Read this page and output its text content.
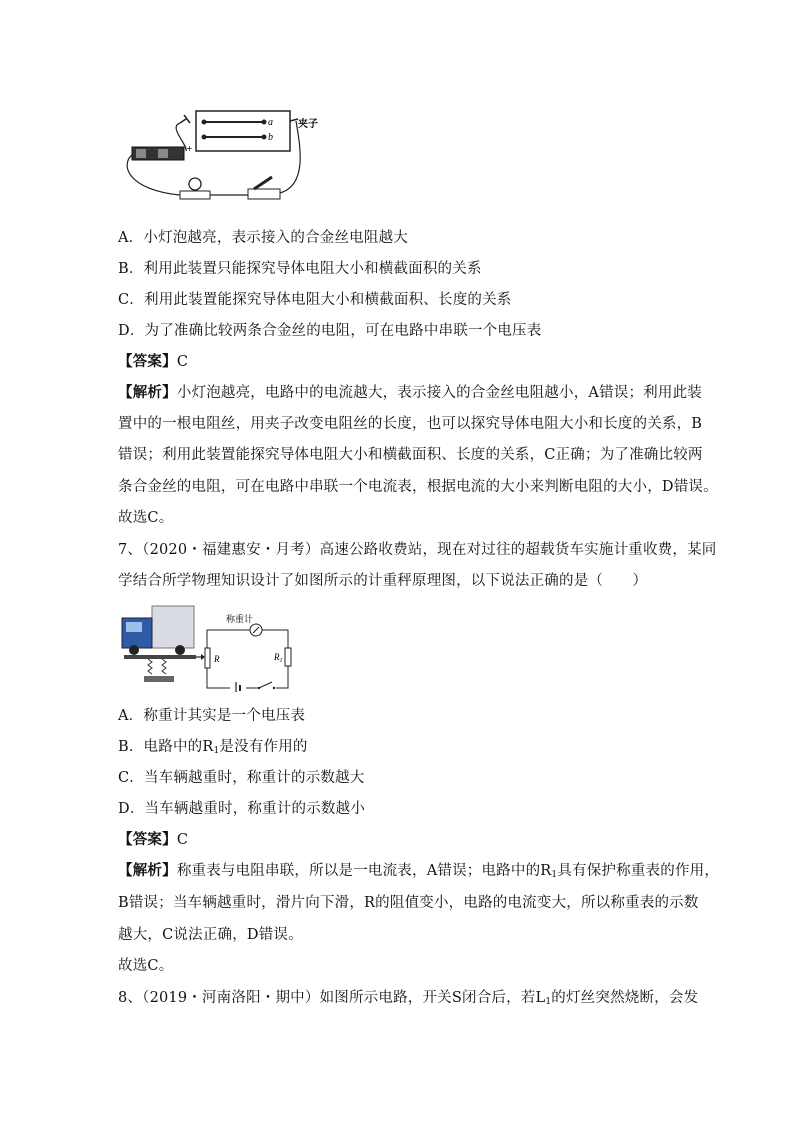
a
b
夹子
+
A．小灯泡越亮，表示接入的合金丝电阻越大
B．利用此装置只能探究导体电阻大小和横截面积的关系
C．利用此装置能探究导体电阻大小和横截面积、长度的关系
D．为了准确比较两条合金丝的电阻，可在电路中串联一个电压表
【答案】C
【解析】小灯泡越亮，电路中的电流越大，表示接入的合金丝电阻越小，A错误；利用此装
置中的一根电阻丝，用夹子改变电阻丝的长度，也可以探究导体电阻大小和长度的关系，B
错误；利用此装置能探究导体电阻大小和横截面积、长度的关系，C正确；为了准确比较两
条合金丝的电阻，可在电路中串联一个电流表，根据电流的大小来判断电阻的大小，D错误。
故选C。
7、（2020・福建惠安・月考）高速公路收费站，现在对过往的超载货车实施计重收费，某同
学结合所学物理知识设计了如图所示的计重秤原理图，以下说法正确的是（　　）
R
称重计
$R_1$
A．称重计其实是一个电压表
B．电路中的$R_1$是没有作用的
C．当车辆越重时，称重计的示数越大
D．当车辆越重时，称重计的示数越小
【答案】C
【解析】称重表与电阻串联，所以是一电流表，A错误；电路中的$R_1$具有保护称重表的作用，
B错误；当车辆越重时，滑片向下滑，R的阻值变小，电路的电流变大，所以称重表的示数
越大，C说法正确，D错误。
故选C。
8、（2019・河南洛阳・期中）如图所示电路，开关S闭合后，若$L_1$的灯丝突然烧断，会发
